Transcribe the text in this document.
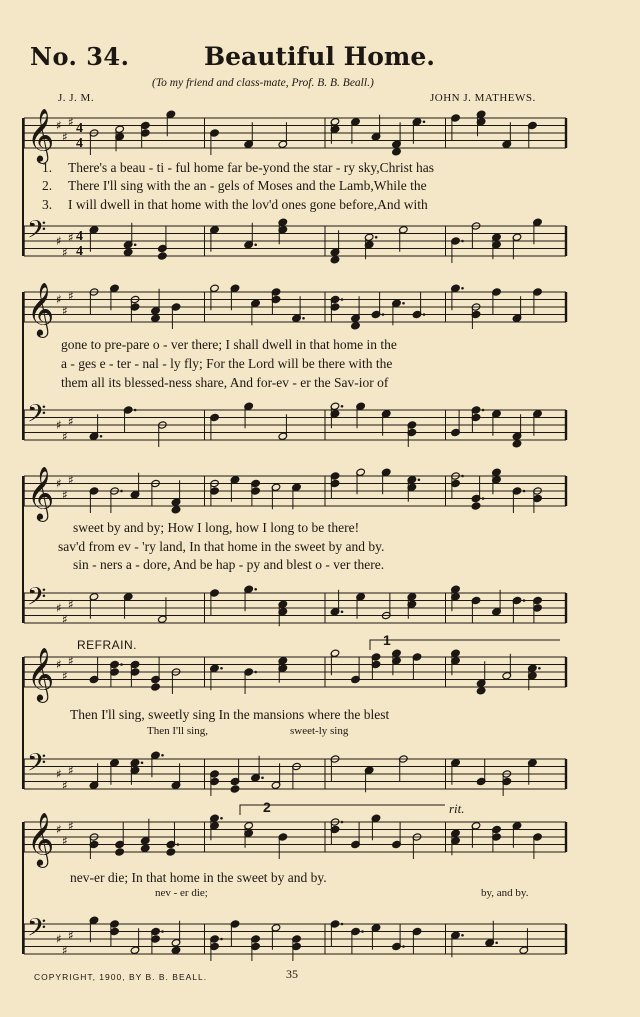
𝄞 ♯
♯
♯ 4
4
𝄢 ♯
♯
♯ 4
4
𝄞 ♯
♯
♯
𝄢 ♯
♯
♯
𝄞 ♯
♯
♯
𝄢 ♯
♯
♯
𝄞 ♯
♯
♯
𝄢 ♯
♯
♯
𝄞 ♯
♯
♯
𝄢 ♯
♯
♯
No. 34.	Beautiful Home.
(To my friend and class-mate, Prof. B. B. Beall.)
J. J. M.	JOHN J. MATHEWS.
1. There's a beau - ti - ful home far be-yond the star - ry sky,Christ has
2. There I'll sing with the an - gels of Moses and the Lamb,While the
3. I will dwell in that home with the lov'd ones gone before,And with
gone to pre-pare o - ver there; I shall dwell in that home in the
a - ges e - ter - nal - ly fly; For the Lord will be there with the
them all its blessed-ness share, And for-ev - er the Sav-ior of
sweet by and by; How I long, how I long to be there!
sav'd from ev - 'ry land, In that home in the sweet by and by.
sin - ners a - dore, And be hap - py and blest o - ver there.
REFRAIN.	1
Then I'll sing, sweetly sing In the mansions where the blest
Then I'll sing,	sweet-ly sing
2	rit.
nev-er die; In that home in the sweet by and by.
nev - er die;	by, and by.
COPYRIGHT, 1900, BY B. B. BEALL.	35
